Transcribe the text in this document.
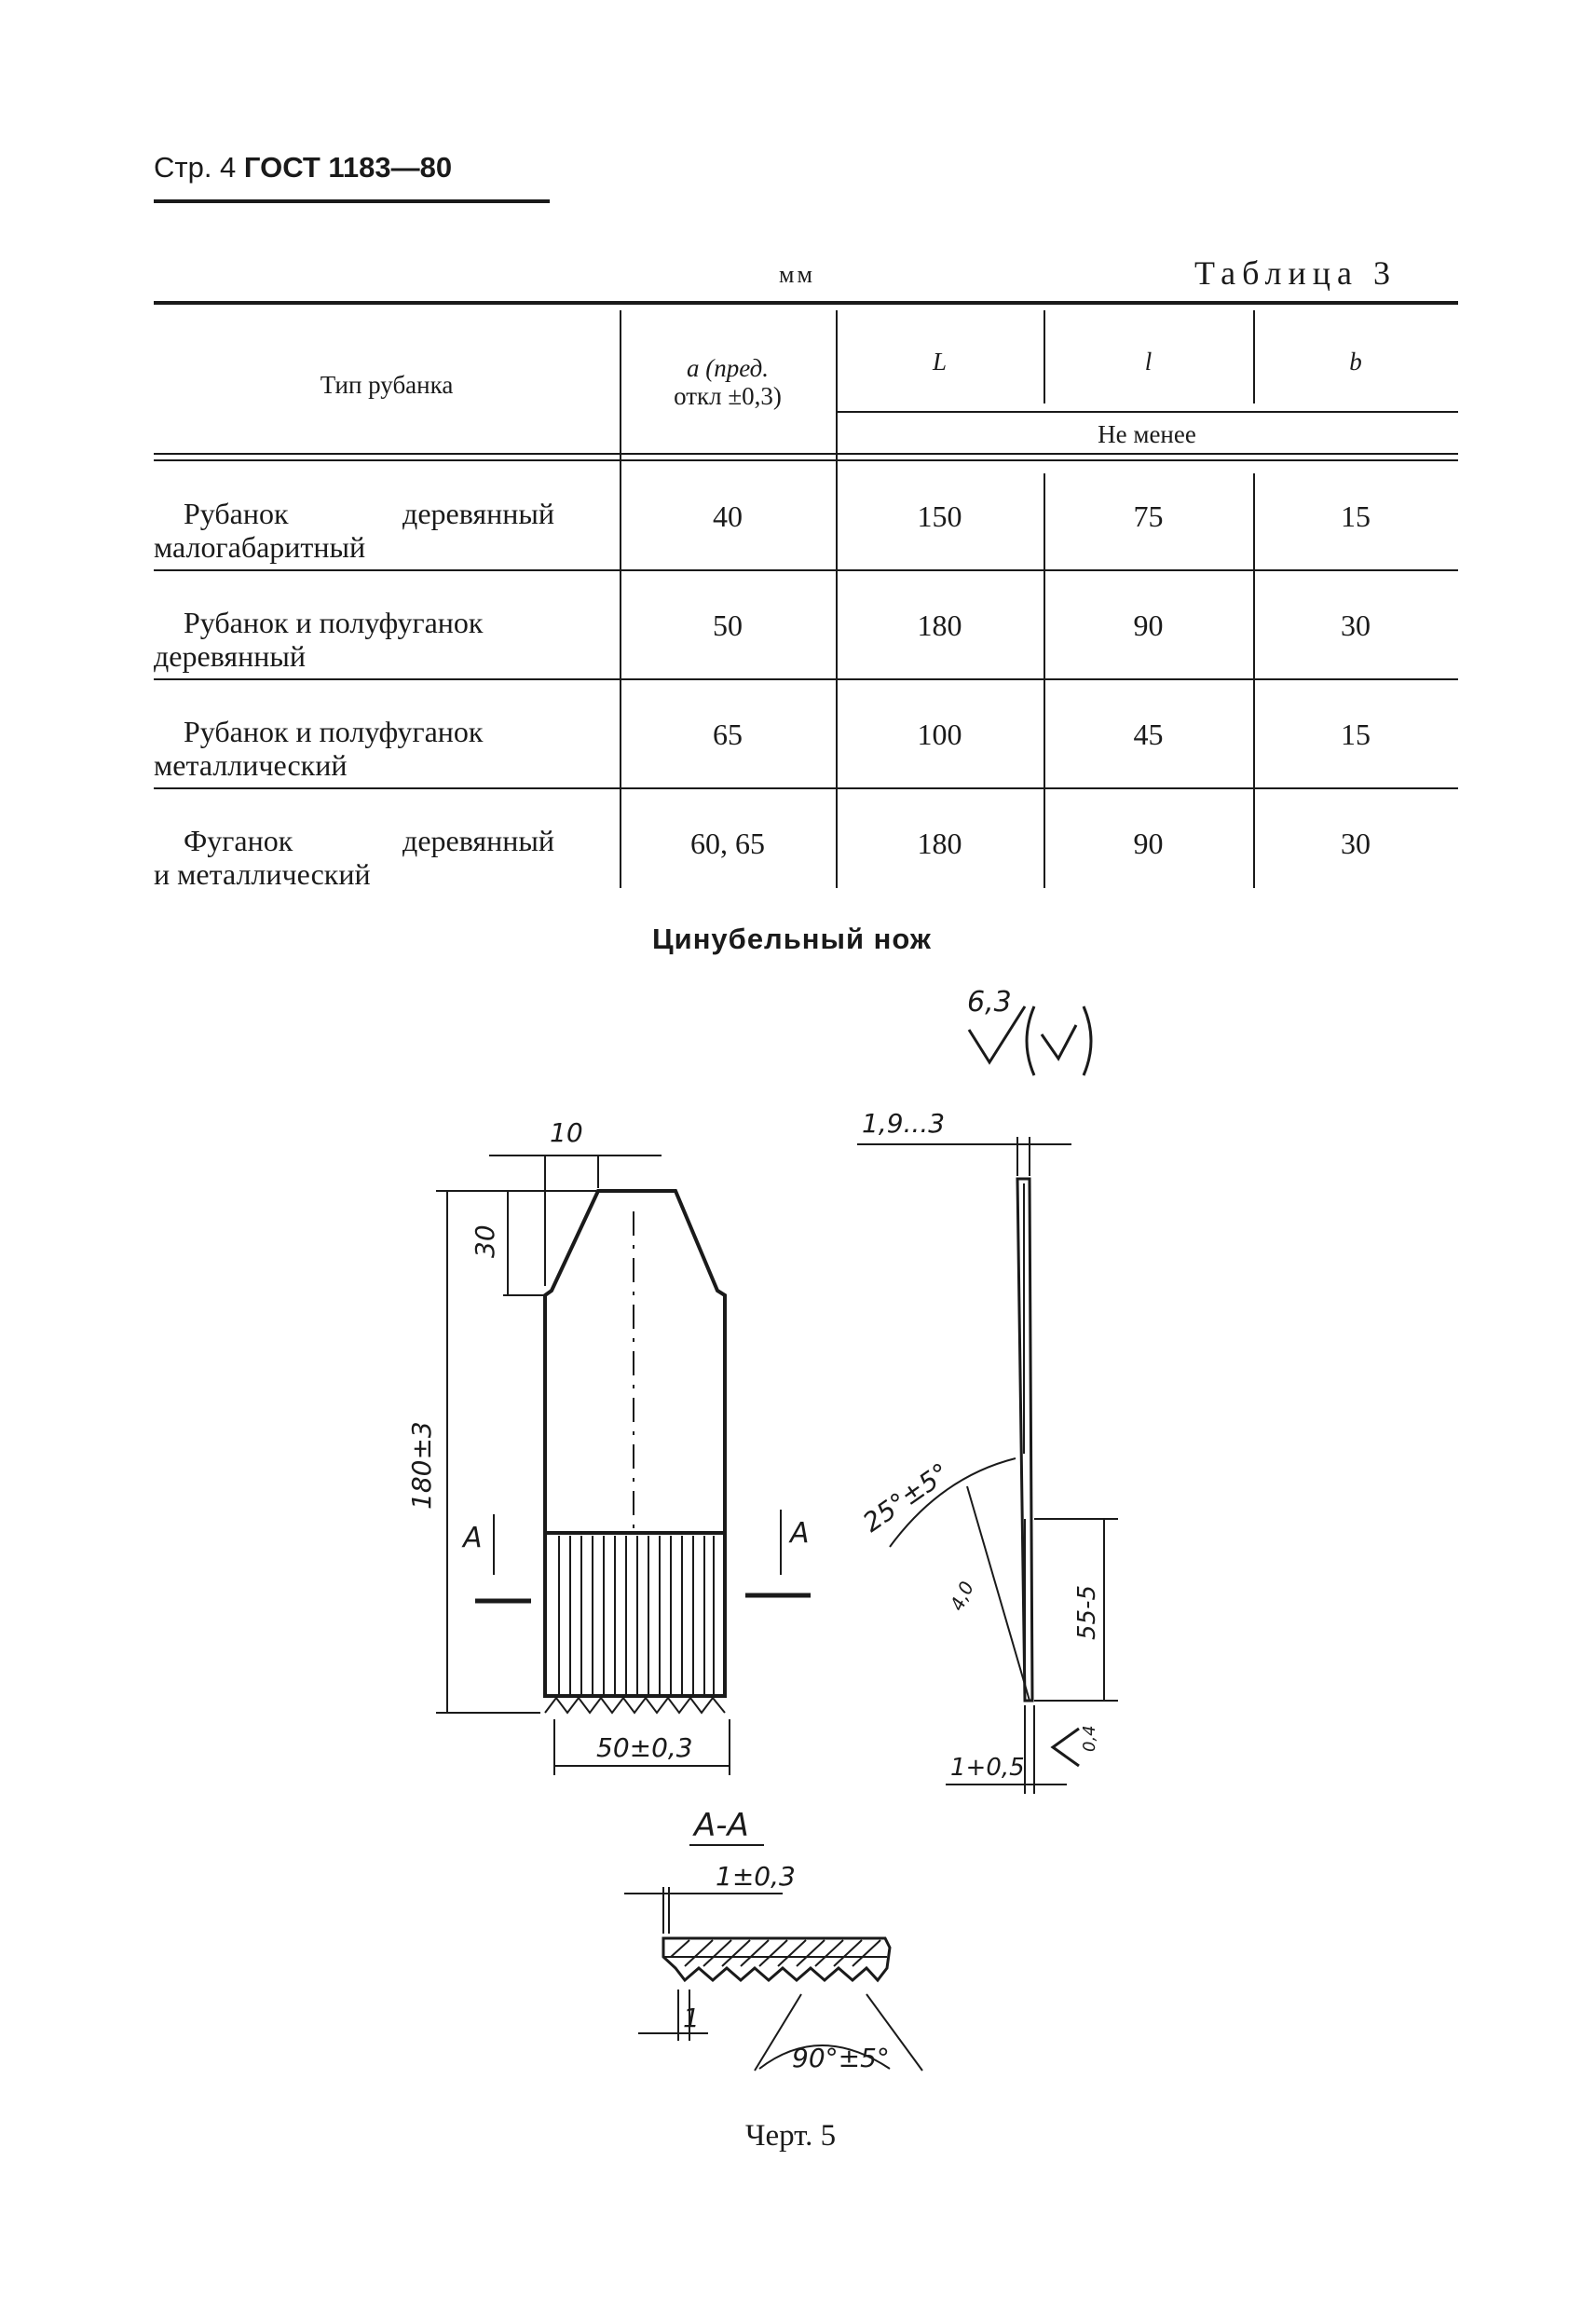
Стр. 4 ГОСТ 1183—80
мм	Таблица 3
Тип рубанка
a (пред.
откл ±0,3)
L	l	b
Не менее
Рубанок	деревянный
малогабаритный
40	150	75	15
Рубанок и полуфуганок
деревянный
50	180	90	30
Рубанок и полуфуганок
металлический
65	100	45	15
Фуганок	деревянный
и металлический
60, 65	180	90	30
Цинубельный нож
6,3
10
30
180±3
50±0,3
A	A
1,9...3
25°±5°
4,0	55-5
1+0,5
0,4
А-А
1±0,3
1
90°±5°
Черт. 5
